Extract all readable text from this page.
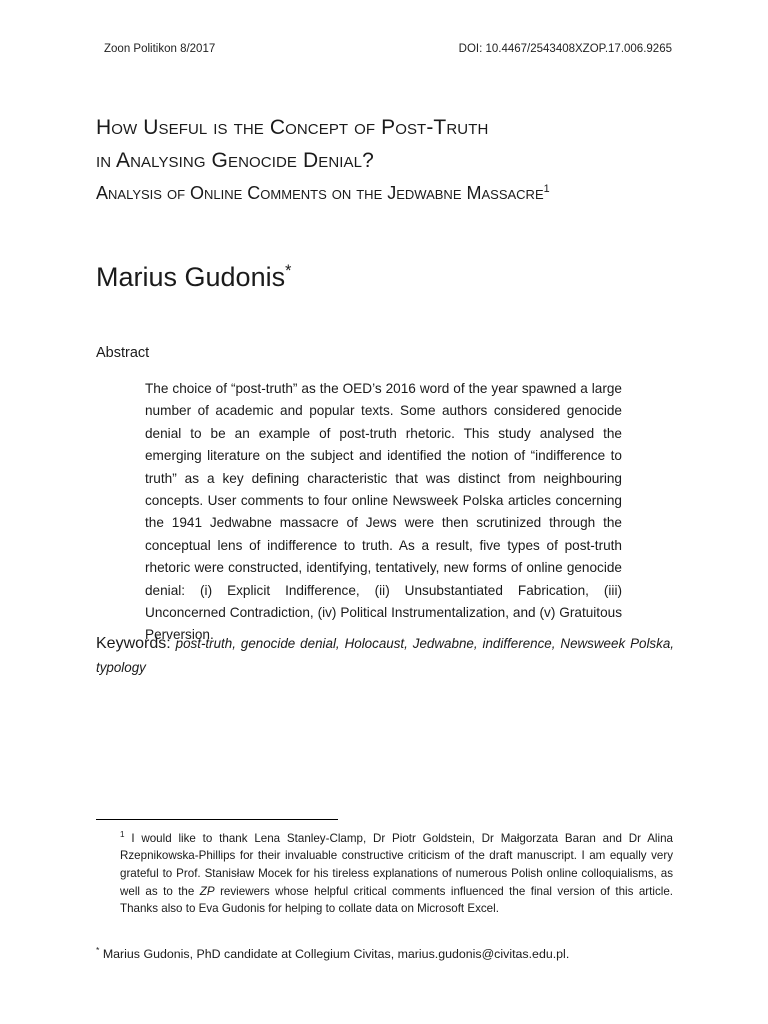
Zoon Politikon 8/2017	DOI: 10.4467/2543408XZOP.17.006.9265
How Useful is the Concept of Post-Truth
in Analysing Genocide Denial?
Analysis of Online Comments on the Jedwabne Massacre$^1$
Marius Gudonis*
Abstract
The choice of “post-truth” as the OED’s 2016 word of the year spawned a large number of academic and popular texts. Some authors considered genocide denial to be an example of post-truth rhetoric. This study analysed the emerging literature on the subject and identified the notion of “indifference to truth” as a key defining characteristic that was distinct from neighbouring concepts. User comments to four online Newsweek Polska articles concerning the 1941 Jedwabne massacre of Jews were then scrutinized through the conceptual lens of indifference to truth. As a result, five types of post-truth rhetoric were constructed, identifying, tentatively, new forms of online genocide denial: (i) Explicit Indifference, (ii) Unsubstantiated Fabrication, (iii) Unconcerned Contradiction, (iv) Political Instrumentalization, and (v) Gratuitous Perversion.
Keywords: post-truth, genocide denial, Holocaust, Jedwabne, indifference, Newsweek Polska, typology
$^1$ I would like to thank Lena Stanley-Clamp, Dr Piotr Goldstein, Dr Małgorzata Baran and Dr Alina Rzepnikowska-Phillips for their invaluable constructive criticism of the draft manuscript. I am equally very grateful to Prof. Stanisław Mocek for his tireless explanations of numerous Polish online colloquialisms, as well as to the ZP reviewers whose helpful critical comments influenced the final version of this article. Thanks also to Eva Gudonis for helping to collate data on Microsoft Excel.
* Marius Gudonis, PhD candidate at Collegium Civitas, marius.gudonis@civitas.edu.pl.
